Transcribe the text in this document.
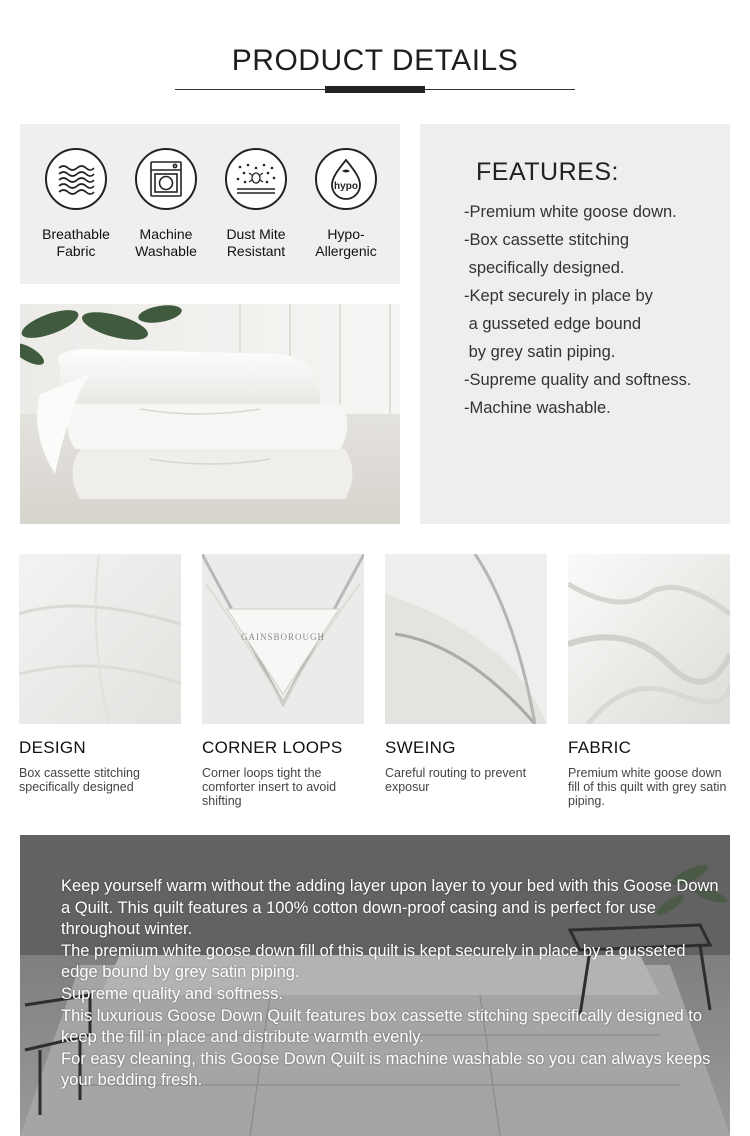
PRODUCT DETAILS
Breathable Fabric
Machine Washable
Dust Mite Resistant
hypo
Hypo-Allergenic
FEATURES:
-Premium white goose down.
-Box cassette stitching
specifically designed.
-Kept securely in place by
a gusseted edge bound
by grey satin piping.
-Supreme quality and softness.
-Machine washable.
DESIGN
Box cassette stitching specifically designed
GAINSBOROUGH
CORNER LOOPS
Corner loops tight the comforter insert to avoid shifting
SWEING
Careful routing to prevent exposur
FABRIC
Premium white goose down fill of this quilt with grey satin piping.

Keep yourself warm without the adding layer upon layer to your bed with this Goose Down a Quilt. This quilt features a 100% cotton down-proof casing and is perfect for use throughout winter.

The premium white goose down fill of this quilt is kept securely in place by a gusseted edge bound by grey satin piping.

Supreme quality and softness.

This luxurious Goose Down Quilt features box cassette stitching specifically designed to keep the fill in place and distribute warmth evenly.

For easy cleaning, this Goose Down Quilt is machine washable so you can always keeps your bedding fresh.
